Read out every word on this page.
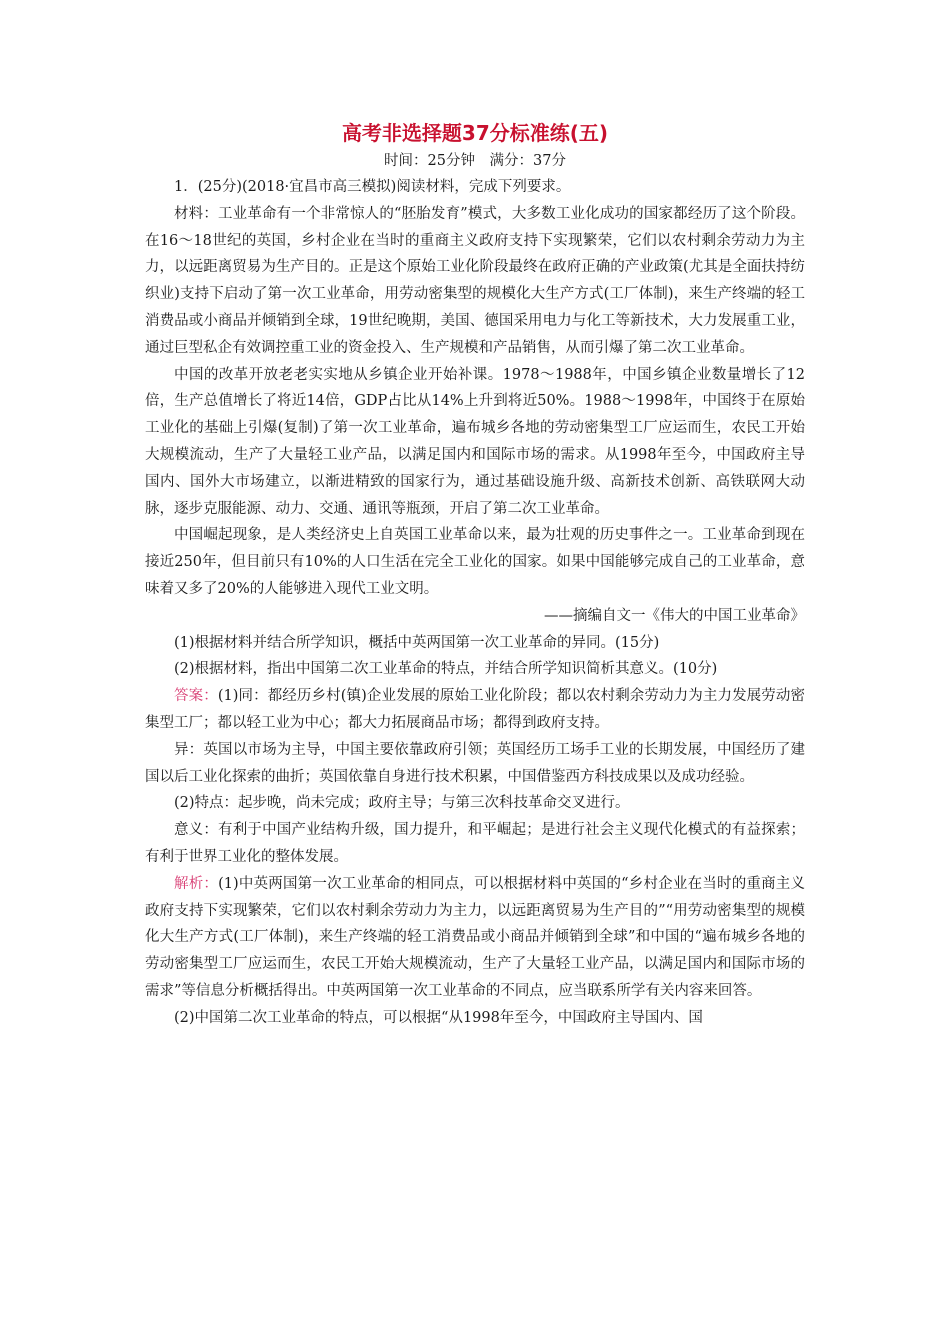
高考非选择题37分标准练(五)
时间：25分钟　满分：37分

1．(25分)(2018·宜昌市高三模拟)阅读材料，完成下列要求。

材料：工业革命有一个非常惊人的“胚胎发育”模式，大多数工业化成功的国家都经历了这个阶段。在16～18世纪的英国，乡村企业在当时的重商主义政府支持下实现繁荣，它们以农村剩余劳动力为主力，以远距离贸易为生产目的。正是这个原始工业化阶段最终在政府正确的产业政策(尤其是全面扶持纺织业)支持下启动了第一次工业革命，用劳动密集型的规模化大生产方式(工厂体制)，来生产终端的轻工消费品或小商品并倾销到全球，19世纪晚期，美国、德国采用电力与化工等新技术，大力发展重工业，通过巨型私企有效调控重工业的资金投入、生产规模和产品销售，从而引爆了第二次工业革命。

中国的改革开放老老实实地从乡镇企业开始补课。1978～1988年，中国乡镇企业数量增长了12倍，生产总值增长了将近14倍，GDP占比从14%上升到将近50%。1988～1998年，中国终于在原始工业化的基础上引爆(复制)了第一次工业革命，遍布城乡各地的劳动密集型工厂应运而生，农民工开始大规模流动，生产了大量轻工业产品，以满足国内和国际市场的需求。从1998年至今，中国政府主导国内、国外大市场建立，以渐进精致的国家行为，通过基础设施升级、高新技术创新、高铁联网大动脉，逐步克服能源、动力、交通、通讯等瓶颈，开启了第二次工业革命。

中国崛起现象，是人类经济史上自英国工业革命以来，最为壮观的历史事件之一。工业革命到现在接近250年，但目前只有10%的人口生活在完全工业化的国家。如果中国能够完成自己的工业革命，意味着又多了20%的人能够进入现代工业文明。

——摘编自文一《伟大的中国工业革命》

(1)根据材料并结合所学知识，概括中英两国第一次工业革命的异同。(15分)

(2)根据材料，指出中国第二次工业革命的特点，并结合所学知识简析其意义。(10分)

答案：(1)同：都经历乡村(镇)企业发展的原始工业化阶段；都以农村剩余劳动力为主力发展劳动密集型工厂；都以轻工业为中心；都大力拓展商品市场；都得到政府支持。

异：英国以市场为主导，中国主要依靠政府引领；英国经历工场手工业的长期发展，中国经历了建国以后工业化探索的曲折；英国依靠自身进行技术积累，中国借鉴西方科技成果以及成功经验。

(2)特点：起步晚，尚未完成；政府主导；与第三次科技革命交叉进行。

意义：有利于中国产业结构升级，国力提升，和平崛起；是进行社会主义现代化模式的有益探索；有利于世界工业化的整体发展。

解析：(1)中英两国第一次工业革命的相同点，可以根据材料中英国的“乡村企业在当时的重商主义政府支持下实现繁荣，它们以农村剩余劳动力为主力，以远距离贸易为生产目的”“用劳动密集型的规模化大生产方式(工厂体制)，来生产终端的轻工消费品或小商品并倾销到全球”和中国的“遍布城乡各地的劳动密集型工厂应运而生，农民工开始大规模流动，生产了大量轻工业产品，以满足国内和国际市场的需求”等信息分析概括得出。中英两国第一次工业革命的不同点，应当联系所学有关内容来回答。

(2)中国第二次工业革命的特点，可以根据“从1998年至今，中国政府主导国内、国
